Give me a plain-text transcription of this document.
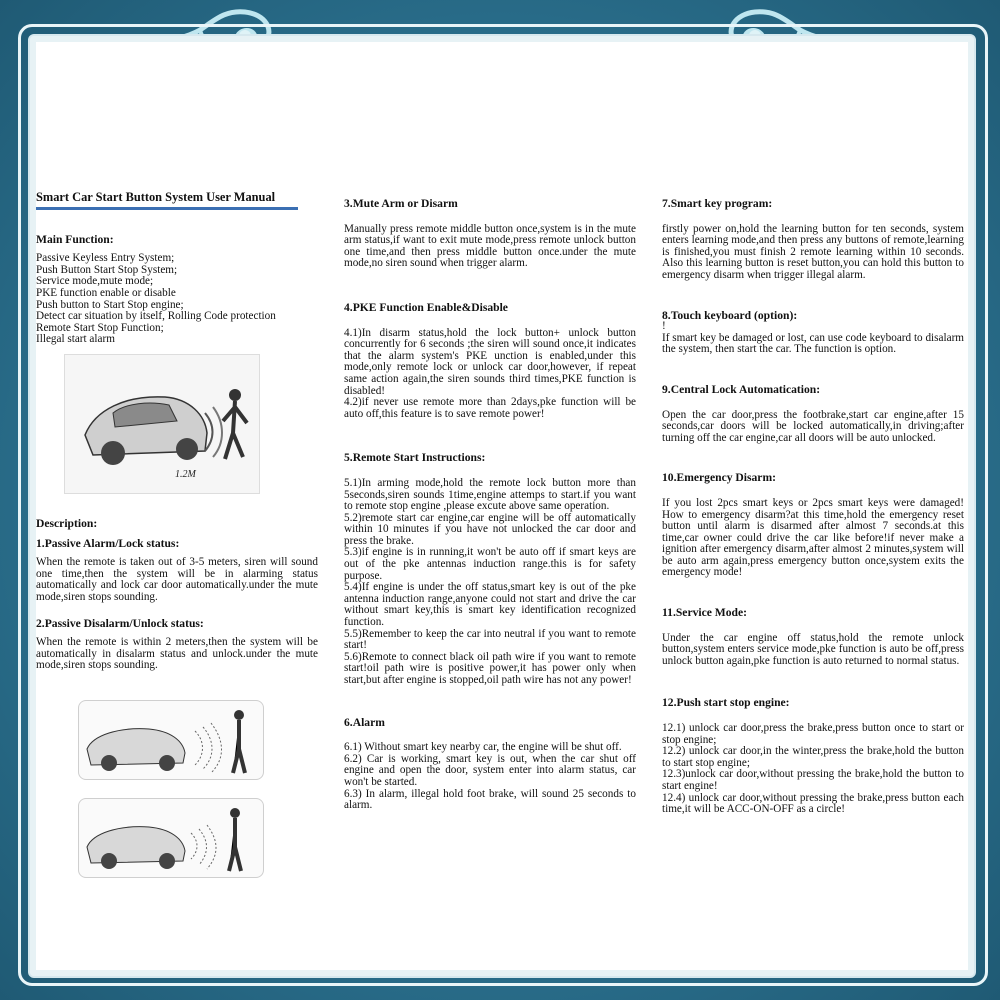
Smart Car Start Button System User Manual
Main Function:
Passive Keyless Entry System;
Push Button Start Stop System;
Service mode,mute mode;
PKE function enable or disable
Push button to Start Stop engine;
Detect car situation by itself, Rolling Code protection
Remote Start Stop Function;
Illegal start alarm
1.2M
Description:
1.Passive Alarm/Lock status:

When the remote is taken out of 3-5 meters, siren will sound one time,then the system will be in alarming status automatically and lock car door automatically.under the mute mode,siren stops sounding.

2.Passive Disalarm/Unlock status:

When the remote is within 2 meters,then the system will be automatically in disalarm status and unlock.under the mute mode,siren stops sounding.

3.Mute Arm or Disarm

Manually press remote middle button once,system is in the mute arm status,if want to exit mute mode,press remote unlock button one time,and then press middle button once.under the mute mode,no siren sound when trigger alarm.

4.PKE Function Enable&Disable

4.1)In disarm status,hold the lock button+ unlock button concurrently for 6 seconds ;the siren will sound once,it indicates that the alarm system's PKE unction is enabled,under this mode,only remote lock or unlock car door,however, if repeat same action again,the siren sounds third times,PKE function is disabled!

4.2)if never use remote more than 2days,pke function will be auto off,this feature is to save remote power!

5.Remote Start Instructions:

5.1)In arming mode,hold the remote lock button more than 5seconds,siren sounds 1time,engine attemps to start.if you want to remote stop engine ,please excute above same operation.

5.2)remote start car engine,car engine will be off automatically within 10 minutes if you have not unlocked the car door and press the brake.

5.3)if engine is in running,it won't be auto off if smart keys are out of the pke antennas induction range.this is for safety purpose.

5.4)If engine is under the off status,smart key is out of the pke antenna induction range,anyone could not start and drive the car without smart key,this is smart key identification recognized function.

5.5)Remember to keep the car into neutral if you want to remote start!

5.6)Remote to connect black oil path wire if you want to remote start!oil path wire is positive power,it has power only when start,but after engine is stopped,oil path wire has not any power!

6.Alarm

6.1) Without smart key nearby car, the engine will be shut off.

6.2) Car is working, smart key is out, when the car shut off engine and open the door, system enter into alarm status, car won't be started.

6.3) In alarm, illegal hold foot brake, will sound 25 seconds to alarm.

7.Smart key program:

firstly power on,hold the learning button for ten seconds, system enters learning mode,and then press any buttons of remote,learning is finished,you must finish 2 remote learning within 10 seconds. Also this learning button is reset button,you can hold this button to emergency disarm when trigger illegal alarm.

8.Touch keyboard (option):
!

If smart key be damaged or lost, can use code keyboard to disalarm the system, then start the car. The function is option.

9.Central Lock Automatication:

Open the car door,press the footbrake,start car engine,after 15 seconds,car doors will be locked automatically,in driving;after turning off the car engine,car all doors will be auto unlocked.

10.Emergency Disarm:

If you lost 2pcs smart keys or 2pcs smart keys were damaged! How to emergency disarm?at this time,hold the emergency reset button until alarm is disarmed after almost 7 seconds.at this time,car owner could drive the car like before!if never make a ignition after emergency disarm,after almost 2 minutes,system will be auto arm again,press emergency button once,system exits the emergency mode!

11.Service Mode:

Under the car engine off status,hold the remote unlock button,system enters service mode,pke function is auto be off,press unlock button again,pke function is auto returned to normal status.

12.Push start stop engine:

12.1) unlock car door,press the brake,press button once to start or stop engine;

12.2) unlock car door,in the winter,press the brake,hold the button to start stop engine;

12.3)unlock car door,without pressing the brake,hold the button to start engine!

12.4) unlock car door,without pressing the brake,press button each time,it will be ACC-ON-OFF as a circle!
